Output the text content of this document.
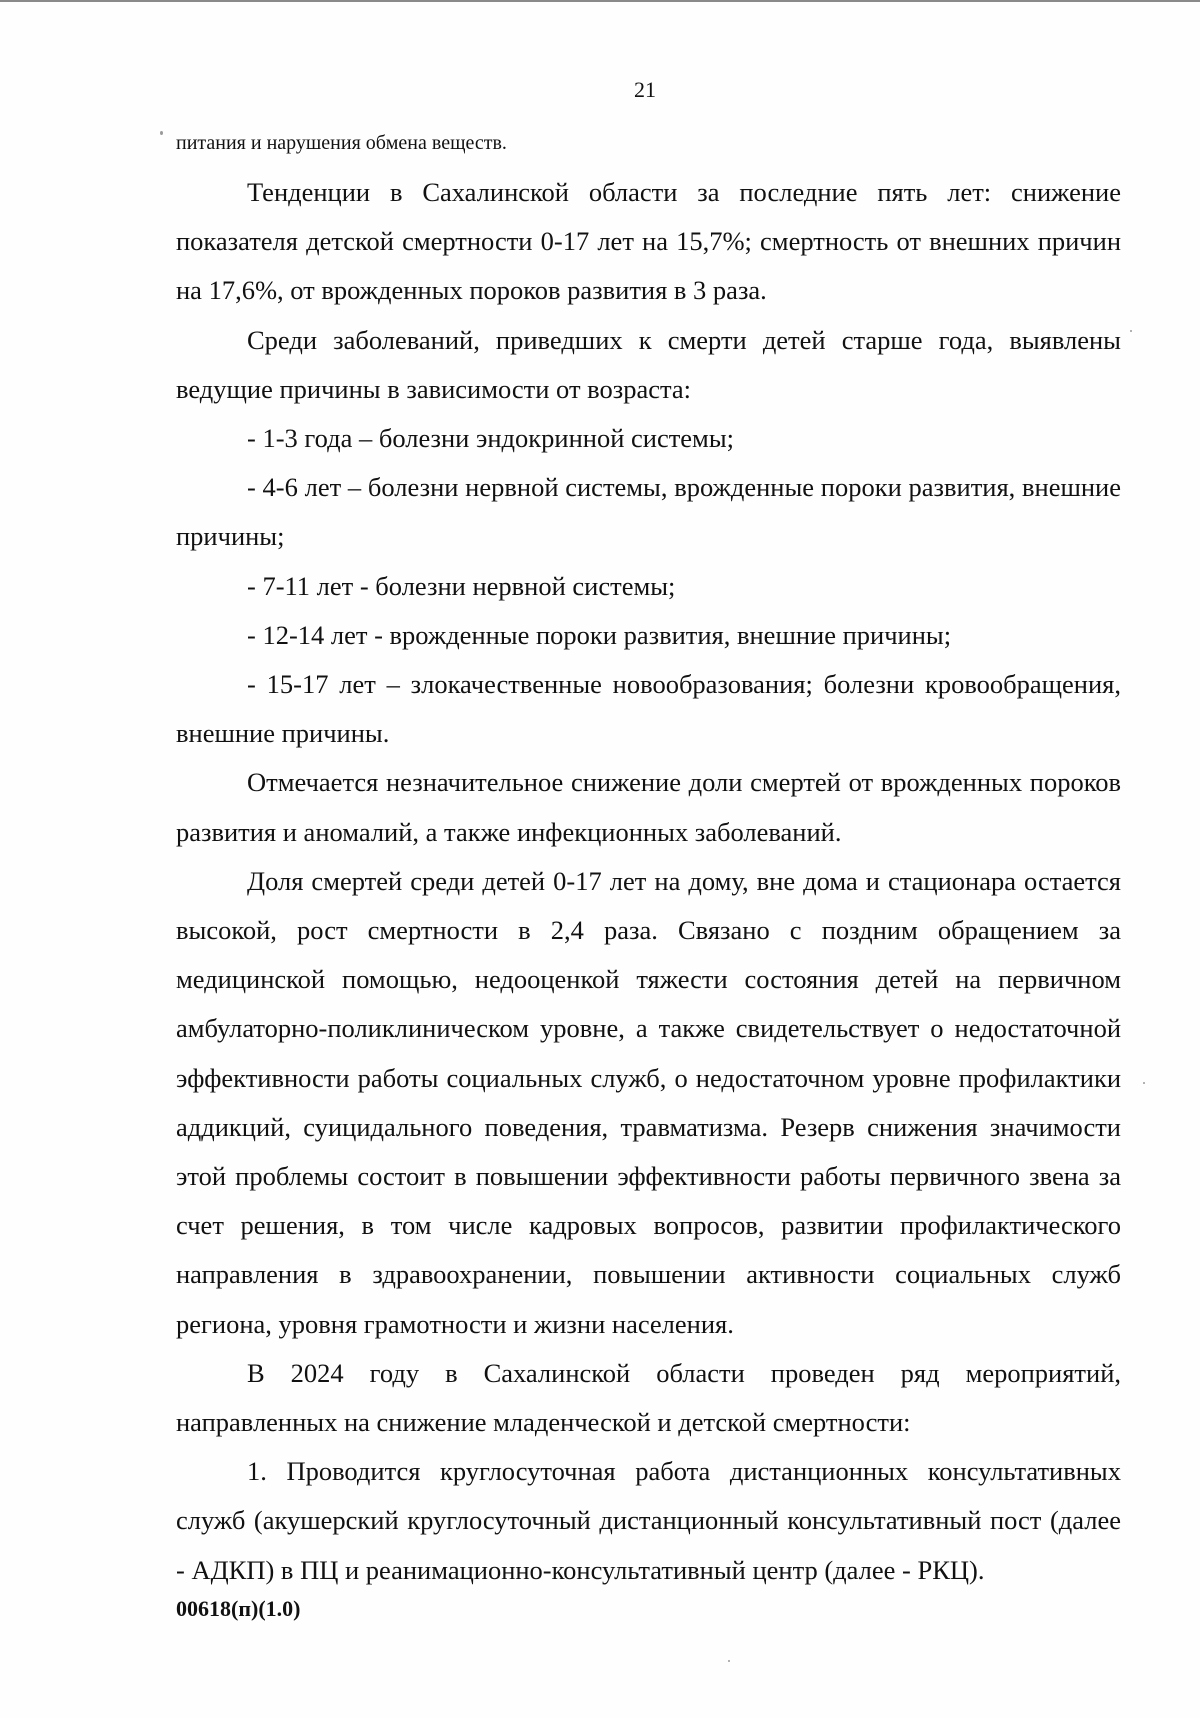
21

питания и нарушения обмена веществ.

Тенденции в Сахалинской области за последние пять лет: снижение показателя детской смертности 0-17 лет на 15,7%; смертность от внешних причин на 17,6%, от врожденных пороков развития в 3 раза.

Среди заболеваний, приведших к смерти детей старше года, выявлены ведущие причины в зависимости от возраста:

- 1-3 года – болезни эндокринной системы;

- 4-6 лет – болезни нервной системы, врожденные пороки развития, внешние причины;

- 7-11 лет - болезни нервной системы;

- 12-14 лет - врожденные пороки развития, внешние причины;

- 15-17 лет – злокачественные новообразования; болезни кровообращения, внешние причины.

Отмечается незначительное снижение доли смертей от врожденных пороков развития и аномалий, а также инфекционных заболеваний.

Доля смертей среди детей 0-17 лет на дому, вне дома и стационара остается высокой, рост смертности в 2,4 раза. Связано с поздним обращением за медицинской помощью, недооценкой тяжести состояния детей на первичном амбулаторно-поликлиническом уровне, а также свидетельствует о недостаточной эффективности работы социальных служб, о недостаточном уровне профилактики аддикций, суицидального поведения, травматизма. Резерв снижения значимости этой проблемы состоит в повышении эффективности работы первичного звена за счет решения, в том числе кадровых вопросов, развитии профилактического направления в здравоохранении, повышении активности социальных служб региона, уровня грамотности и жизни населения.

В 2024 году в Сахалинской области проведен ряд мероприятий, направленных на снижение младенческой и детской смертности:

1. Проводится круглосуточная работа дистанционных консультативных служб (акушерский круглосуточный дистанционный консультативный пост (далее - АДКП) в ПЦ и реанимационно-консультативный центр (далее - РКЦ).

00618(п)(1.0)
